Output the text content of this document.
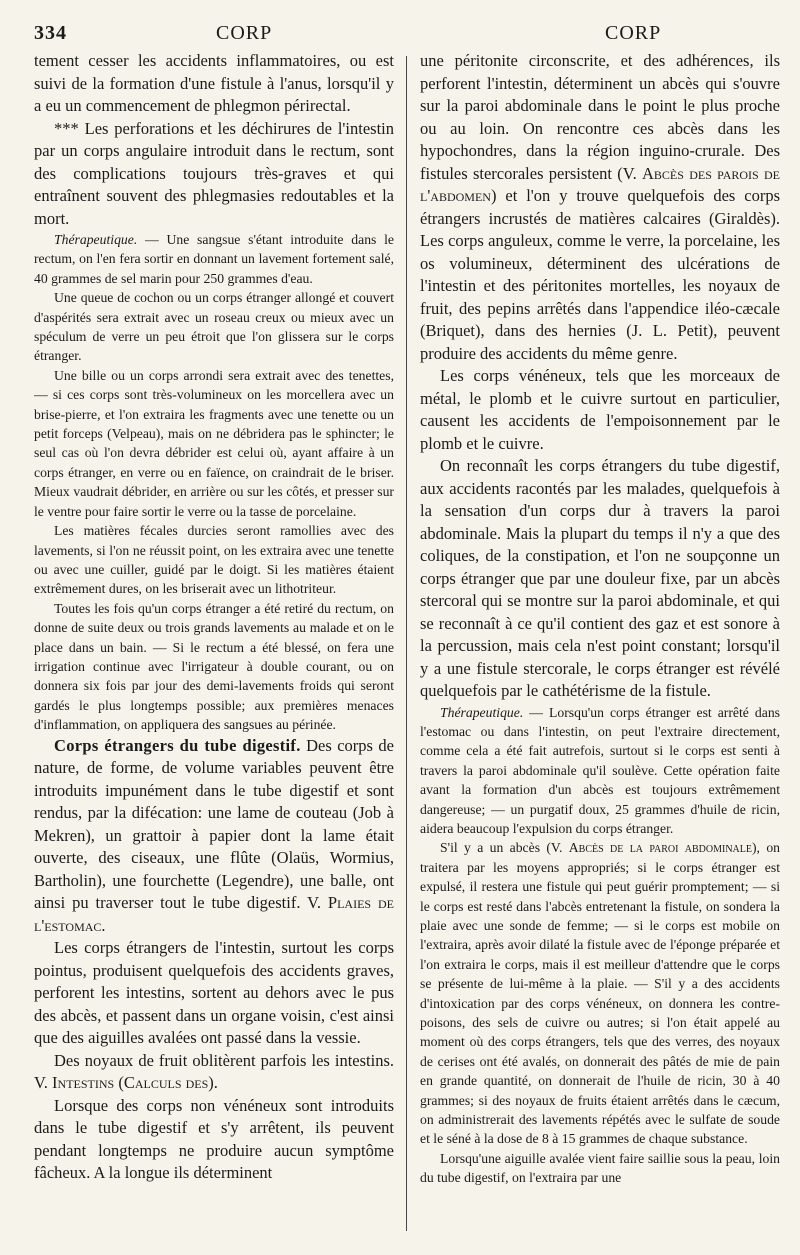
334	CORP	CORP

tement cesser les accidents inflammatoires, ou est suivi de la formation d'une fistule à l'anus, lorsqu'il y a eu un commencement de phlegmon périrectal.

*** Les perforations et les déchirures de l'intestin par un corps angulaire introduit dans le rectum, sont des complications toujours très-graves et qui entraînent souvent des phlegmasies redoutables et la mort.

Thérapeutique. — Une sangsue s'étant introduite dans le rectum, on l'en fera sortir en donnant un lavement fortement salé, 40 grammes de sel marin pour 250 grammes d'eau.

Une queue de cochon ou un corps étranger allongé et couvert d'aspérités sera extrait avec un roseau creux ou mieux avec un spéculum de verre un peu étroit que l'on glissera sur le corps étranger.

Une bille ou un corps arrondi sera extrait avec des tenettes, — si ces corps sont très-volumineux on les morcellera avec un brise-pierre, et l'on extraira les fragments avec une tenette ou un petit forceps (Velpeau), mais on ne débridera pas le sphincter; le seul cas où l'on devra débrider est celui où, ayant affaire à un corps étranger, en verre ou en faïence, on craindrait de le briser. Mieux vaudrait débrider, en arrière ou sur les côtés, et presser sur le ventre pour faire sortir le verre ou la tasse de porcelaine.

Les matières fécales durcies seront ramollies avec des lavements, si l'on ne réussit point, on les extraira avec une tenette ou avec une cuiller, guidé par le doigt. Si les matières étaient extrêmement dures, on les briserait avec un lithotriteur.

Toutes les fois qu'un corps étranger a été retiré du rectum, on donne de suite deux ou trois grands lavements au malade et on le place dans un bain. — Si le rectum a été blessé, on fera une irrigation continue avec l'irrigateur à double courant, ou on donnera six fois par jour des demi-lavements froids qui seront gardés le plus longtemps possible; aux premières menaces d'inflammation, on appliquera des sangsues au périnée.

Corps étrangers du tube digestif. Des corps de nature, de forme, de volume variables peuvent être introduits impunément dans le tube digestif et sont rendus, par la difécation: une lame de couteau (Job à Mekren), un grattoir à papier dont la lame était ouverte, des ciseaux, une flûte (Olaüs, Wormius, Bartholin), une fourchette (Legendre), une balle, ont ainsi pu traverser tout le tube digestif. V. Plaies de l'estomac.

Les corps étrangers de l'intestin, surtout les corps pointus, produisent quelquefois des accidents graves, perforent les intestins, sortent au dehors avec le pus des abcès, et passent dans un organe voisin, c'est ainsi que des aiguilles avalées ont passé dans la vessie.

Des noyaux de fruit oblitèrent parfois les intestins. V. Intestins (Calculs des).

Lorsque des corps non vénéneux sont introduits dans le tube digestif et s'y arrêtent, ils peuvent pendant longtemps ne produire aucun symptôme fâcheux. A la longue ils déterminent

une péritonite circonscrite, et des adhérences, ils perforent l'intestin, déterminent un abcès qui s'ouvre sur la paroi abdominale dans le point le plus proche ou au loin. On rencontre ces abcès dans les hypochondres, dans la région inguino-crurale. Des fistules stercorales persistent (V. Abcès des parois de l'abdomen) et l'on y trouve quelquefois des corps étrangers incrustés de matières calcaires (Giraldès). Les corps anguleux, comme le verre, la porcelaine, les os volumineux, déterminent des ulcérations de l'intestin et des péritonites mortelles, les noyaux de fruit, des pepins arrêtés dans l'appendice iléo-cæcale (Briquet), dans des hernies (J. L. Petit), peuvent produire des accidents du même genre.

Les corps vénéneux, tels que les morceaux de métal, le plomb et le cuivre surtout en particulier, causent les accidents de l'empoisonnement par le plomb et le cuivre.

On reconnaît les corps étrangers du tube digestif, aux accidents racontés par les malades, quelquefois à la sensation d'un corps dur à travers la paroi abdominale. Mais la plupart du temps il n'y a que des coliques, de la constipation, et l'on ne soupçonne un corps étranger que par une douleur fixe, par un abcès stercoral qui se montre sur la paroi abdominale, et qui se reconnaît à ce qu'il contient des gaz et est sonore à la percussion, mais cela n'est point constant; lorsqu'il y a une fistule stercorale, le corps étranger est révélé quelquefois par le cathétérisme de la fistule.

Thérapeutique. — Lorsqu'un corps étranger est arrêté dans l'estomac ou dans l'intestin, on peut l'extraire directement, comme cela a été fait autrefois, surtout si le corps est senti à travers la paroi abdominale qu'il soulève. Cette opération faite avant la formation d'un abcès est toujours extrêmement dangereuse; — un purgatif doux, 25 grammes d'huile de ricin, aidera beaucoup l'expulsion du corps étranger.

S'il y a un abcès (V. Abcès de la paroi abdominale), on traitera par les moyens appropriés; si le corps étranger est expulsé, il restera une fistule qui peut guérir promptement; — si le corps est resté dans l'abcès entretenant la fistule, on sondera la plaie avec une sonde de femme; — si le corps est mobile on l'extraira, après avoir dilaté la fistule avec de l'éponge préparée et l'on extraira le corps, mais il est meilleur d'attendre que le corps se présente de lui-même à la plaie. — S'il y a des accidents d'intoxication par des corps vénéneux, on donnera les contre-poisons, des sels de cuivre ou autres; si l'on était appelé au moment où des corps étrangers, tels que des verres, des noyaux de cerises ont été avalés, on donnerait des pâtés de mie de pain en grande quantité, on donnerait de l'huile de ricin, 30 à 40 grammes; si des noyaux de fruits étaient arrêtés dans le cæcum, on administrerait des lavements répétés avec le sulfate de soude et le séné à la dose de 8 à 15 grammes de chaque substance.

Lorsqu'une aiguille avalée vient faire saillie sous la peau, loin du tube digestif, on l'extraira par une
